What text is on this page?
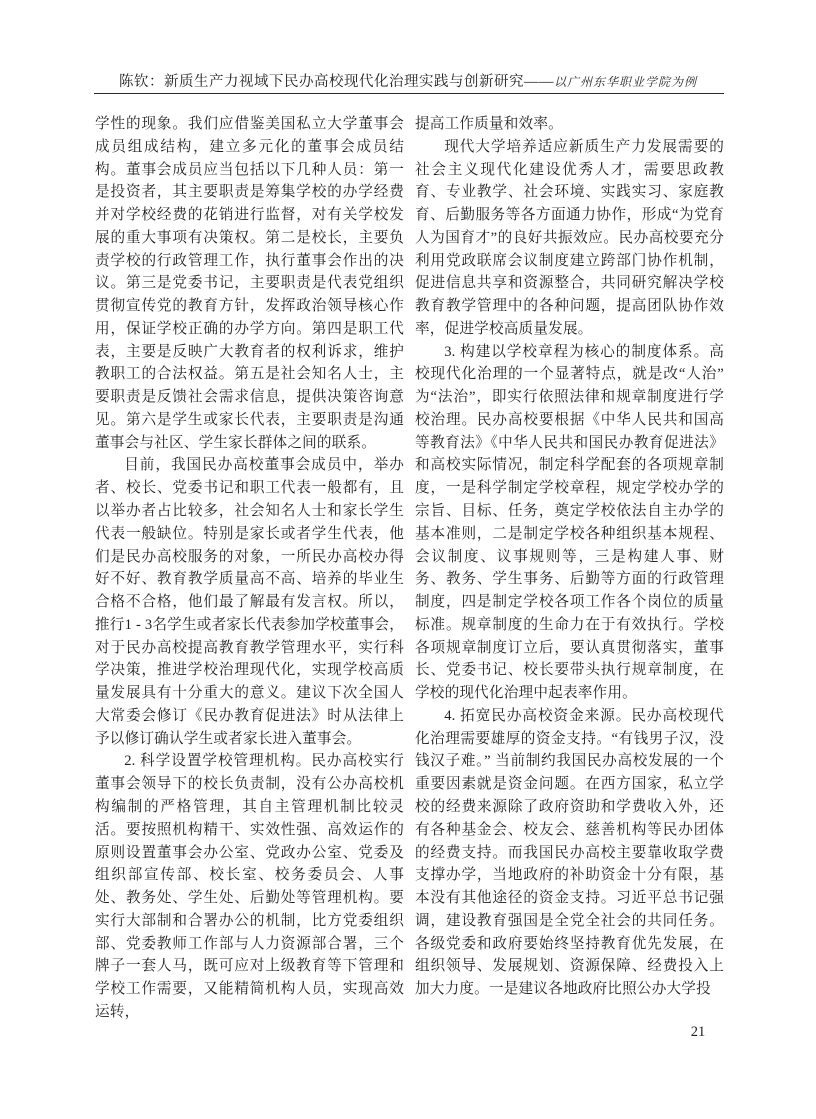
陈钦：新质生产力视域下民办高校现代化治理实践与创新研究——以广州东华职业学院为例

学性的现象。我们应借鉴美国私立大学董事会成员组成结构，建立多元化的董事会成员结构。董事会成员应当包括以下几种人员：第一是投资者，其主要职责是筹集学校的办学经费并对学校经费的花销进行监督，对有关学校发展的重大事项有决策权。第二是校长，主要负责学校的行政管理工作，执行董事会作出的决议。第三是党委书记，主要职责是代表党组织贯彻宣传党的教育方针，发挥政治领导核心作用，保证学校正确的办学方向。第四是职工代表，主要是反映广大教育者的权利诉求，维护教职工的合法权益。第五是社会知名人士，主要职责是反馈社会需求信息，提供决策咨询意见。第六是学生或家长代表，主要职责是沟通董事会与社区、学生家长群体之间的联系。

目前，我国民办高校董事会成员中，举办者、校长、党委书记和职工代表一般都有，且以举办者占比较多，社会知名人士和家长学生代表一般缺位。特别是家长或者学生代表，他们是民办高校服务的对象，一所民办高校办得好不好、教育教学质量高不高、培养的毕业生合格不合格，他们最了解最有发言权。所以，推行1 - 3名学生或者家长代表参加学校董事会，对于民办高校提高教育教学管理水平，实行科学决策，推进学校治理现代化，实现学校高质量发展具有十分重大的意义。建议下次全国人大常委会修订《民办教育促进法》时从法律上予以修订确认学生或者家长进入董事会。

2. 科学设置学校管理机构。民办高校实行董事会领导下的校长负责制，没有公办高校机构编制的严格管理，其自主管理机制比较灵活。要按照机构精干、实效性强、高效运作的原则设置董事会办公室、党政办公室、党委及组织部宣传部、校长室、校务委员会、人事处、教务处、学生处、后勤处等管理机构。要实行大部制和合署办公的机制，比方党委组织部、党委教师工作部与人力资源部合署，三个牌子一套人马，既可应对上级教育等下管理和学校工作需要，又能精简机构人员，实现高效运转，

提高工作质量和效率。

现代大学培养适应新质生产力发展需要的社会主义现代化建设优秀人才，需要思政教育、专业教学、社会环境、实践实习、家庭教育、后勤服务等各方面通力协作，形成“为党育人为国育才”的良好共振效应。民办高校要充分利用党政联席会议制度建立跨部门协作机制，促进信息共享和资源整合，共同研究解决学校教育教学管理中的各种问题，提高团队协作效率，促进学校高质量发展。

3. 构建以学校章程为核心的制度体系。高校现代化治理的一个显著特点，就是改“人治”为“法治”，即实行依照法律和规章制度进行学校治理。民办高校要根据《中华人民共和国高等教育法》《中华人民共和国民办教育促进法》和高校实际情况，制定科学配套的各项规章制度，一是科学制定学校章程，规定学校办学的宗旨、目标、任务，奠定学校依法自主办学的基本准则，二是制定学校各种组织基本规程、会议制度、议事规则等，三是构建人事、财务、教务、学生事务、后勤等方面的行政管理制度，四是制定学校各项工作各个岗位的质量标准。规章制度的生命力在于有效执行。学校各项规章制度订立后，要认真贯彻落实，董事长、党委书记、校长要带头执行规章制度，在学校的现代化治理中起表率作用。

4. 拓宽民办高校资金来源。民办高校现代化治理需要雄厚的资金支持。“有钱男子汉，没钱汉子难。” 当前制约我国民办高校发展的一个重要因素就是资金问题。在西方国家，私立学校的经费来源除了政府资助和学费收入外，还有各种基金会、校友会、慈善机构等民办团体的经费支持。而我国民办高校主要靠收取学费支撑办学，当地政府的补助资金十分有限，基本没有其他途径的资金支持。习近平总书记强调，建设教育强国是全党全社会的共同任务。各级党委和政府要始终坚持教育优先发展，在组织领导、发展规划、资源保障、经费投入上加大力度。一是建议各地政府比照公办大学投

21
